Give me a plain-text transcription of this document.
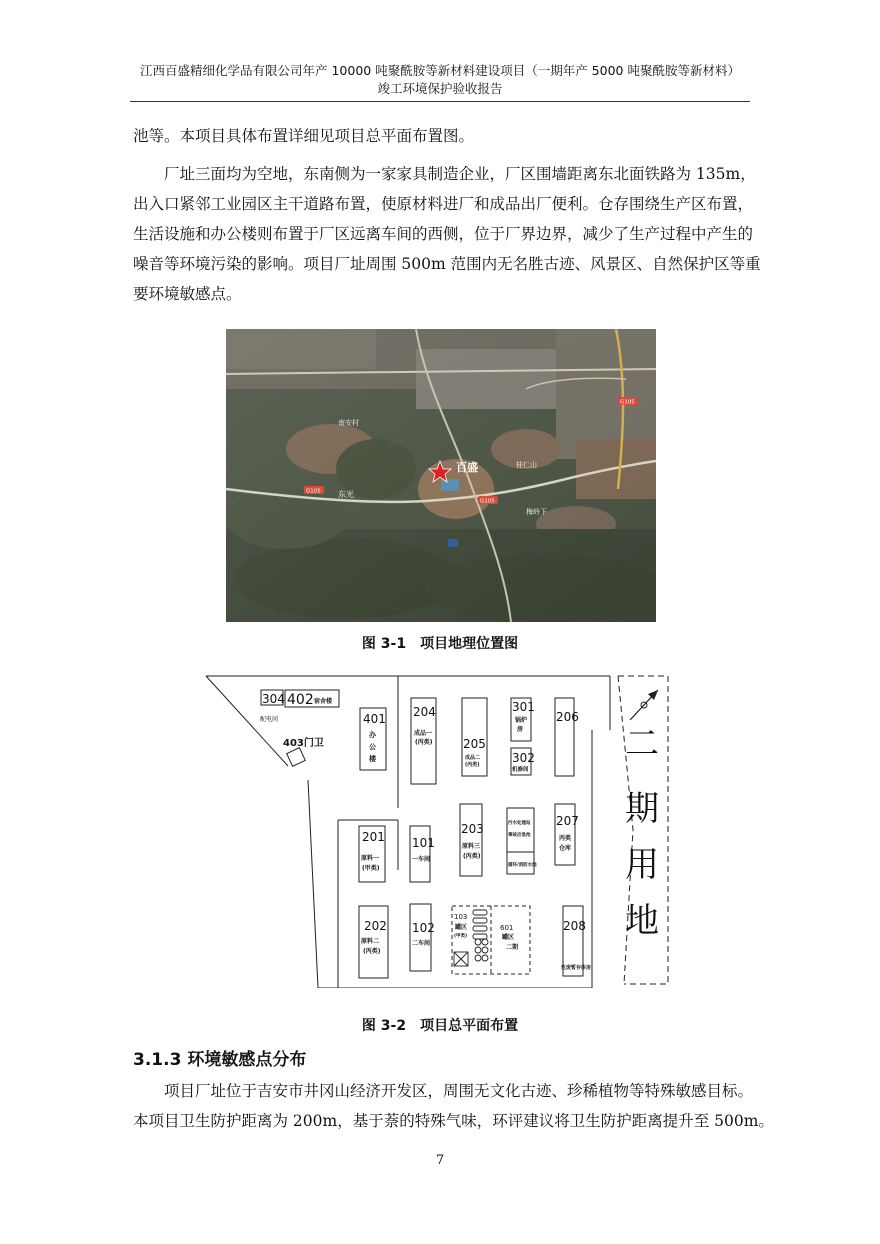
江西百盛精细化学品有限公司年产 10000 吨聚酰胺等新材料建设项目（一期年产 5000 吨聚酰胺等新材料）
竣工环境保护验收报告
池等。本项目具体布置详细见项目总平面布置图。
厂址三面均为空地，东南侧为一家家具制造企业，厂区围墙距离东北面铁路为 135m，
出入口紧邻工业园区主干道路布置，使原材料进厂和成品出厂便利。仓存围绕生产区布置，
生活设施和办公楼则布置于厂区远离车间的西侧，位于厂界边界，减少了生产过程中产生的
噪音等环境污染的影响。项目厂址周围 500m 范围内无名胜古迹、风景区、自然保护区等重
要环境敏感点。
百盛
东光
南安村
桂仁山
梅岭下
G105
G105
G105
图 3-1　项目地理位置图
二
期
用
地
304 402 宿舍楼
配电间
403门卫
401
办
公
楼
204
成品一
(丙类)	205
成品二
(丙类)
301
锅炉
房
302
机修间
206
201
原料一
(甲类)
101
一车间
203
原料三
(丙类)
污水处理站
事故应急池
循环/消防水池
207
丙类
仓库
202
原料二
(丙类)
102
二车间
103
罐区
(甲类)
601
罐区
二期
208
危废暂存库房
图 3-2　项目总平面布置
3.1.3 环境敏感点分布
项目厂址位于吉安市井冈山经济开发区，周围无文化古迹、珍稀植物等特殊敏感目标。
本项目卫生防护距离为 200m，基于萘的特殊气味，环评建议将卫生防护距离提升至 500m。
7
